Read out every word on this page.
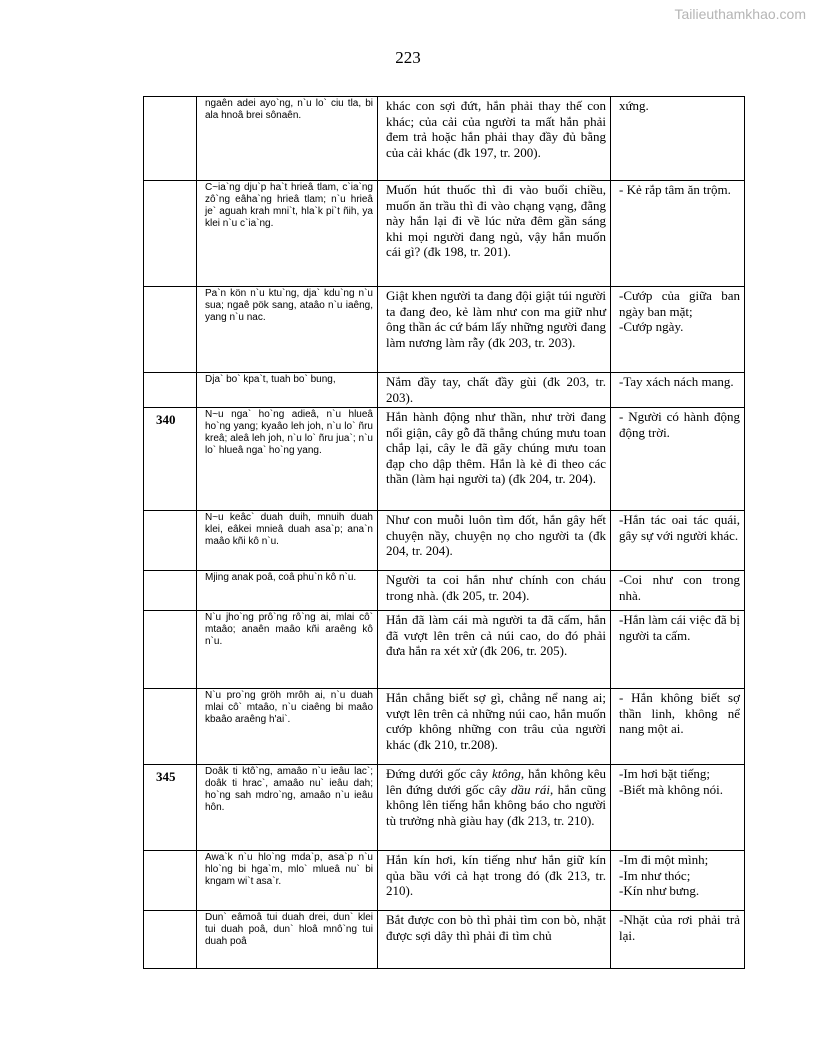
Tailieuthamkhao.com
223
	ngaên adei ayo`ng, n`u lo` ciu tla, bi ala hnoâ brei sônaên.	khác con sợi đứt, hắn phải thay thế con khác; của cải của người ta mất hắn phải đem trả hoặc hắn phải thay đầy đủ bằng của cải khác (đk 197, tr. 200).	xứng.

	C~ia`ng dju`p ha`t hrieâ tlam, c`ia`ng zô`ng eâha`ng hrieâ tlam; n`u hrieâ je` aguah krah mni`t, hla`k pi`t ñih, ya klei n`u c`ia`ng.	Muốn hút thuốc thì đi vào buổi chiều, muốn ăn trầu thì đi vào chạng vạng, đằng này hắn lại đi về lúc nửa đêm gần sáng khi mọi người đang ngủ, vậy hắn muốn cái gì? (đk 198, tr. 201).	- Kẻ rắp tâm ăn trộm.

	Pa`n kön n`u ktu`ng, dja` kdu`ng n`u sua; ngaê pök sang, ataâo n`u iaêng, yang n`u nac.	Giật khen người ta đang đội giật túi người ta đang đeo, kẻ làm như con ma giữ như ông thần ác cứ bám lấy những người đang làm nương làm rẫy (đk 203, tr. 203).	-Cướp của giữa ban ngày ban mặt;
-Cướp ngày.

	Dja` bo` kpa`t, tuah bo` bung,	Nắm đầy tay, chất đầy gùi (đk 203, tr. 203).	-Tay xách nách mang.

340	N~u nga` ho`ng adieâ, n`u hlueâ ho`ng yang; kyaâo leh joh, n`u lo` ñru kreâ; aleâ leh joh, n`u lo` ñru jua`; n`u lo` hlueâ nga` ho`ng yang.	Hắn hành động như thần, như trời đang nổi giận, cây gỗ đã thẳng chúng mưu toan chắp lại, cây le đã gãy chúng mưu toan đạp cho dập thêm. Hắn là kẻ đi theo các thần (làm hại người ta) (đk 204, tr. 204).	- Người có hành động động trời.

	N~u keâc` duah duih, mnuih duah klei, eâkei mnieâ duah asa`p; ana`n maâo kñi kô n`u.	Như con muỗi luôn tìm đốt, hắn gây hết chuyện nầy, chuyện nọ cho người ta (đk 204, tr. 204).	-Hắn tác oai tác quái, gây sự với người khác.

	Mjing anak poâ, coâ phu`n kô n`u.	Người ta coi hắn như chính con cháu trong nhà. (đk 205, tr. 204).	-Coi như con trong nhà.

	N`u jho`ng prô`ng rô`ng ai, mlai cô` mtaâo; anaên maâo kñi araêng kô n`u.	Hắn đã làm cái mà người ta đã cấm, hắn đã vượt lên trên cả núi cao, do đó phải đưa hắn ra xét xử (đk 206, tr. 205).	-Hắn làm cái việc đã bị người ta cấm.

	N`u pro`ng gröh mrôh ai, n`u duah mlai cô` mtaâo, n`u ciaêng bi maâo kbaâo araêng h'ai`.	Hắn chẳng biết sợ gì, chẳng nể nang ai; vượt lên trên cả những núi cao, hắn muốn cướp không những con trâu của người khác (đk 210, tr.208).	- Hắn không biết sợ thần linh, không nể nang một ai.

345	Doâk ti ktô`ng, amaâo n`u ieâu lac`; doâk ti hrac`, amaâo nu` ieâu dah; ho`ng sah mdro`ng, amaâo n`u ieâu hôn.	Đứng dưới gốc cây ktông, hắn không kêu lên đứng dưới gốc cây dầu rái, hắn cũng không lên tiếng hắn không báo cho người tù trưởng nhà giàu hay (đk 213, tr. 210).	-Im hơi bặt tiếng;
-Biết mà không nói.

	Awa`k n`u hlo`ng mda`p, asa`p n`u hlo`ng bi hga`m, mlo` mlueâ nu` bi kngam wi`t asa`r.	Hắn kín hơi, kín tiếng như hắn giữ kín qủa bầu với cả hạt trong đó (đk 213, tr. 210).	-Im đi một mình;
-Im như thóc;
-Kín như bưng.

	Dun` eâmoâ tui duah drei, dun` klei tui duah poâ, dun` hloâ mnô`ng tui duah poâ	Bắt được con bò thì phải tìm con bò, nhặt được sợi dây thì phải đi tìm chủ	-Nhặt của rơi phải trả lại.
